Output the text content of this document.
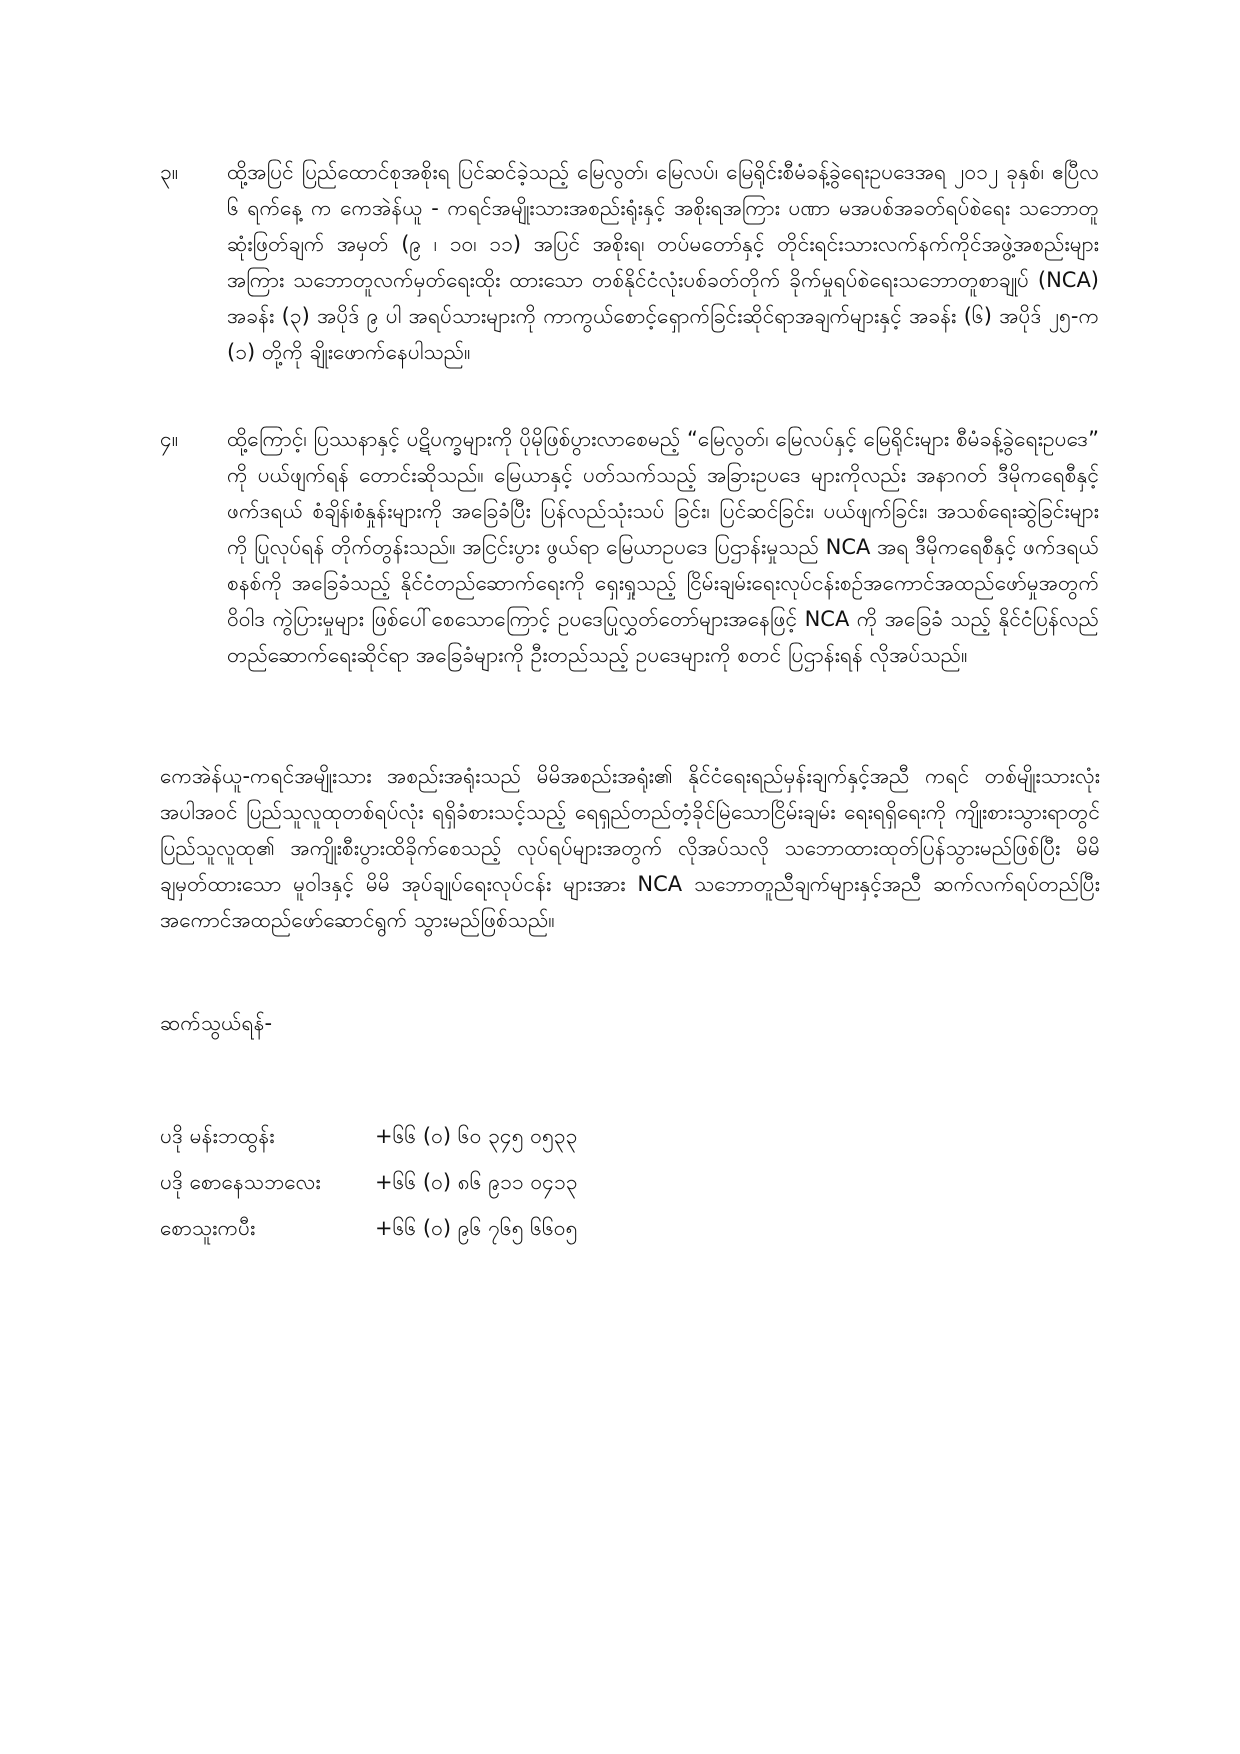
၃။	ထို့အပြင် ပြည်ထောင်စုအစိုးရ ပြင်ဆင်ခဲ့သည့် မြေလွတ်၊ မြေလပ်၊ မြေရိုင်းစီမံခန့်ခွဲရေးဥပဒေအရ ၂၀၁၂ ခုနှစ်၊ ဧပြီလ ၆ ရက်နေ့ က ကေအဲန်ယူ - ကရင်အမျိုးသားအစည်းရုံးနှင့် အစိုးရအကြား ပဏာ မအပစ်အခတ်ရပ်စဲရေး သဘောတူဆုံးဖြတ်ချက် အမှတ် (၉ ၊ ၁၀၊ ၁၁) အပြင် အစိုးရ၊ တပ်မတော်နှင့် တိုင်းရင်းသားလက်နက်ကိုင်အဖွဲ့အစည်းများအကြား သဘောတူလက်မှတ်ရေးထိုး ထားသော တစ်နိုင်ငံလုံးပစ်ခတ်တိုက် ခိုက်မှုရပ်စဲရေးသဘောတူစာချုပ် (NCA) အခန်း (၃) အပိုဒ် ၉ ပါ အရပ်သားများကို ကာကွယ်စောင့်ရှောက်ခြင်းဆိုင်ရာအချက်များနှင့် အခန်း (၆) အပိုဒ် ၂၅-က (၁) တို့ကို ချိုးဖောက်နေပါသည်။
၄။	ထို့ကြောင့်၊ ပြဿနာနှင့် ပဋိပက္ခများကို ပိုမိုဖြစ်ပွားလာစေမည့် “မြေလွတ်၊ မြေလပ်နှင့် မြေရိုင်းများ စီမံခန့်ခွဲရေးဥပဒေ” ကို ပယ်ဖျက်ရန် တောင်းဆိုသည်။ မြေယာနှင့် ပတ်သက်သည့် အခြားဥပဒေ များကိုလည်း အနာဂတ် ဒီမိုကရေစီနှင့် ဖက်ဒရယ် စံချိန်၊စံနှုန်းများကို အခြေခံပြီး ပြန်လည်သုံးသပ် ခြင်း၊ ပြင်ဆင်ခြင်း၊ ပယ်ဖျက်ခြင်း၊ အသစ်ရေးဆွဲခြင်းများကို ပြုလုပ်ရန် တိုက်တွန်းသည်။ အငြင်းပွား ဖွယ်ရာ မြေယာဥပဒေ ပြဌာန်းမှုသည် NCA အရ ဒီမိုကရေစီနှင့် ဖက်ဒရယ်စနစ်ကို အခြေခံသည့် နိုင်ငံတည်ဆောက်ရေးကို ရှေးရှုသည့် ငြိမ်းချမ်းရေးလုပ်ငန်းစဉ်အကောင်အထည်ဖော်မှုအတွက် ဝိဝါဒ ကွဲပြားမှုများ ဖြစ်ပေါ်စေသောကြောင့် ဥပဒေပြုလွှတ်တော်များအနေဖြင့် NCA ကို အခြေခံ သည့် နိုင်ငံပြန်လည်တည်ဆောက်ရေးဆိုင်ရာ အခြေခံများကို ဦးတည်သည့် ဥပဒေများကို စတင် ပြဌာန်းရန် လိုအပ်သည်။
ကေအဲန်ယူ-ကရင်အမျိုးသား အစည်းအရုံးသည် မိမိအစည်းအရုံး၏ နိုင်ငံရေးရည်မှန်းချက်နှင့်အညီ ကရင် တစ်မျိုးသားလုံးအပါအဝင် ပြည်သူလူထုတစ်ရပ်လုံး ရရှိခံစားသင့်သည့် ရေရှည်တည်တံ့ခိုင်မြဲသောငြိမ်းချမ်း ရေးရရှိရေးကို ကျိုးစားသွားရာတွင် ပြည်သူလူထု၏ အကျိုးစီးပွားထိခိုက်စေသည့် လုပ်ရပ်များအတွက် လိုအပ်သလို သဘောထားထုတ်ပြန်သွားမည်ဖြစ်ပြီး မိမိချမှတ်ထားသော မူဝါဒနှင့် မိမိ အုပ်ချုပ်ရေးလုပ်ငန်း များအား NCA သဘောတူညီချက်များနှင့်အညီ ဆက်လက်ရပ်တည်ပြီး အကောင်အထည်ဖော်ဆောင်ရွက် သွားမည်ဖြစ်သည်။
ဆက်သွယ်ရန်-
ပဒို မန်းဘထွန်း	+၆၆ (၀) ၆၀ ၃၄၅ ၀၅၃၃
ပဒို စောနေသဘလေး	+၆၆ (၀) ၈၆ ၉၁၁ ၀၄၁၃
စောသူးကပီး	+၆၆ (၀) ၉၆ ၇၆၅ ၆၆၀၅
